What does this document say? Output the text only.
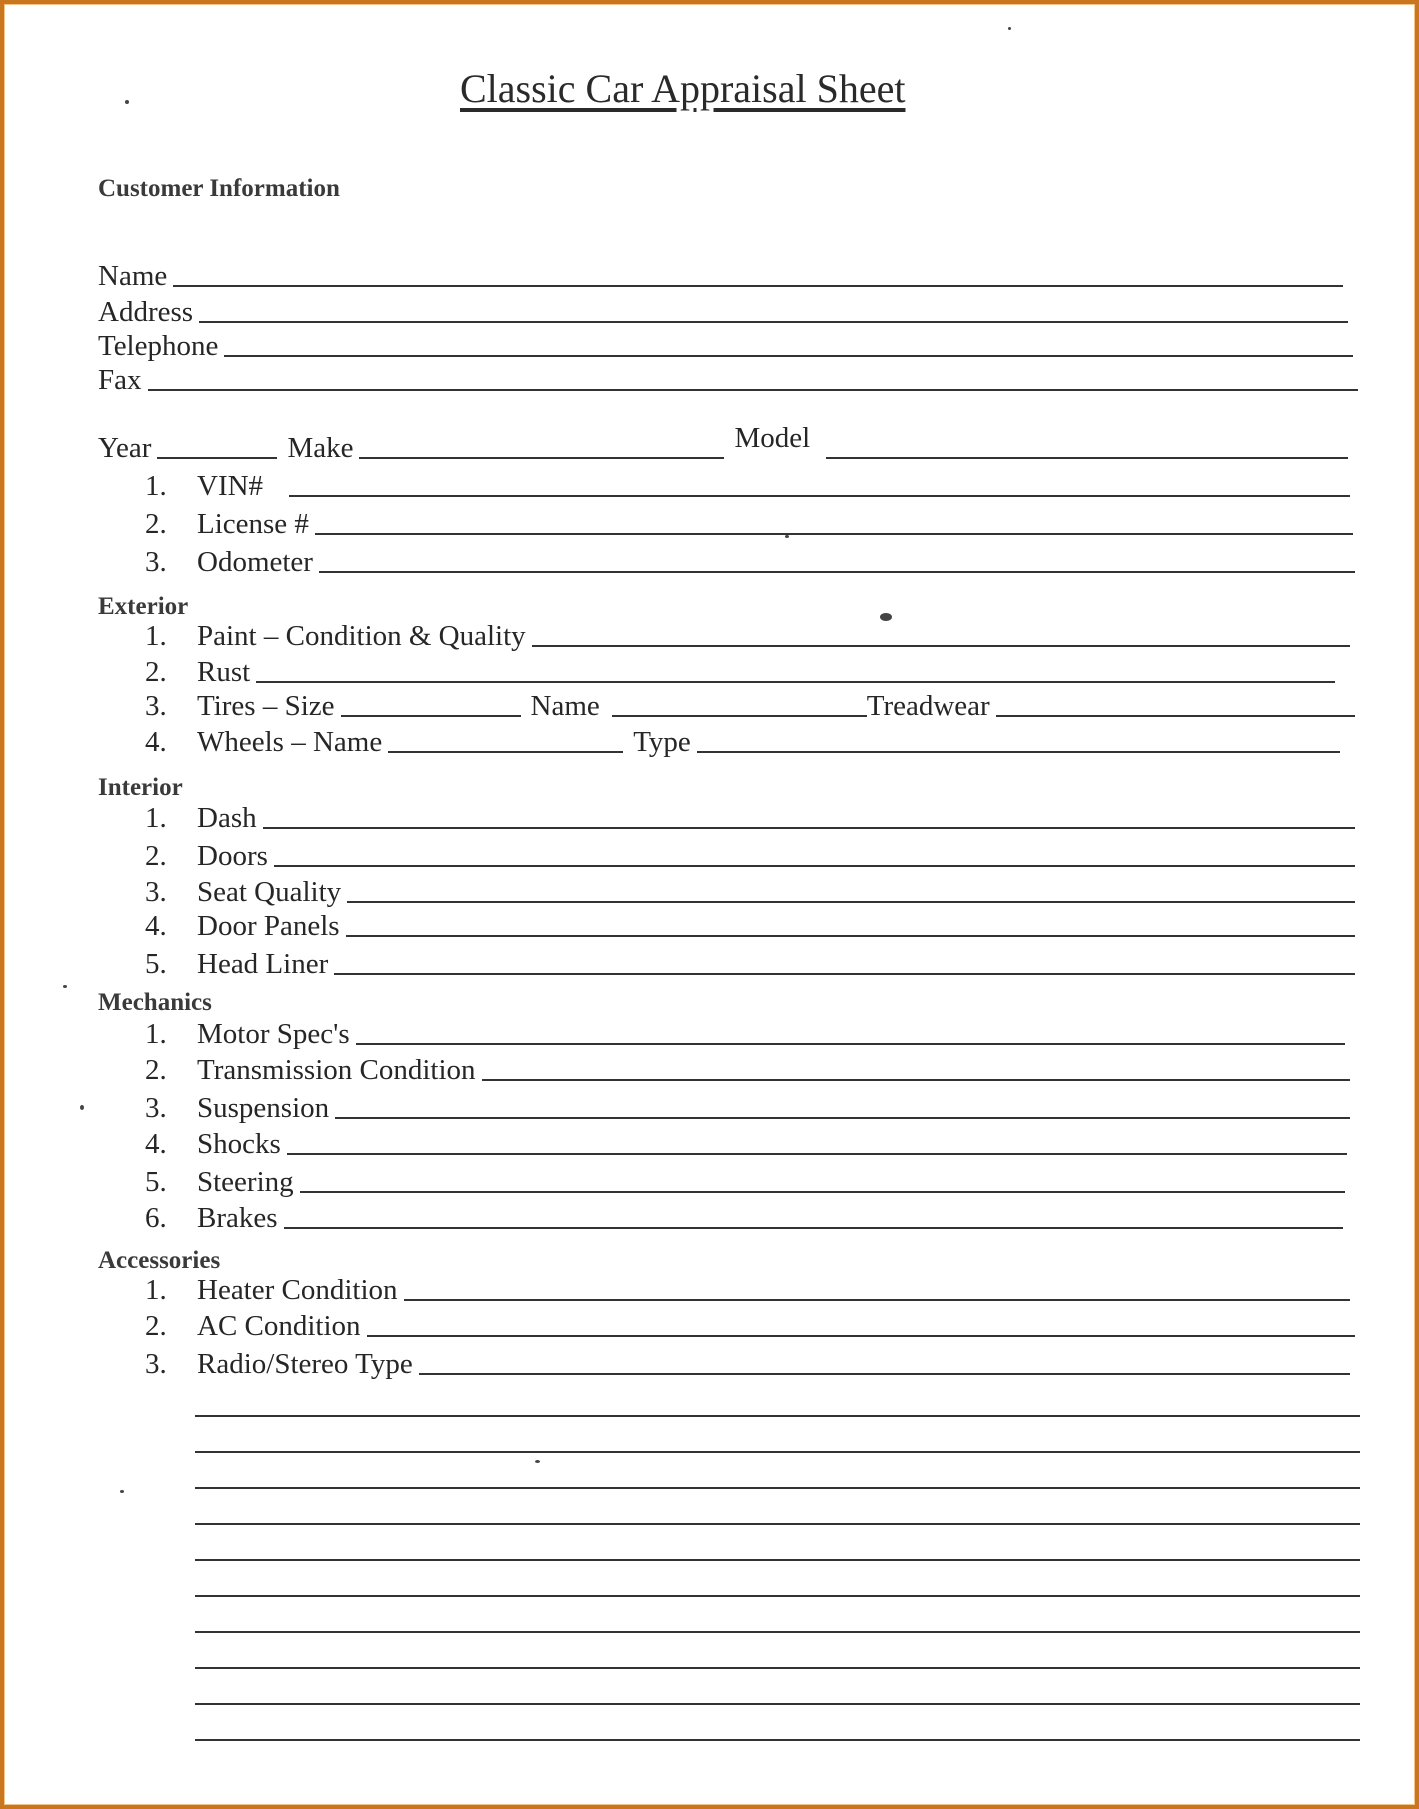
Classic Car Appraisal Sheet
Customer Information
Name
Address
Telephone
Fax
Year	Make	Model
1.	VIN#
2.	License #
3.	Odometer
Exterior
1.	Paint – Condition & Quality
2.	Rust
3.	Tires – Size	Name	Treadwear
4.	Wheels – Name	Type
Interior
1.	Dash
2.	Doors
3.	Seat Quality
4.	Door Panels
5.	Head Liner
Mechanics
1.	Motor Spec's
2.	Transmission Condition
3.	Suspension
4.	Shocks
5.	Steering
6.	Brakes
Accessories
1.	Heater Condition
2.	AC Condition
3.	Radio/Stereo Type
